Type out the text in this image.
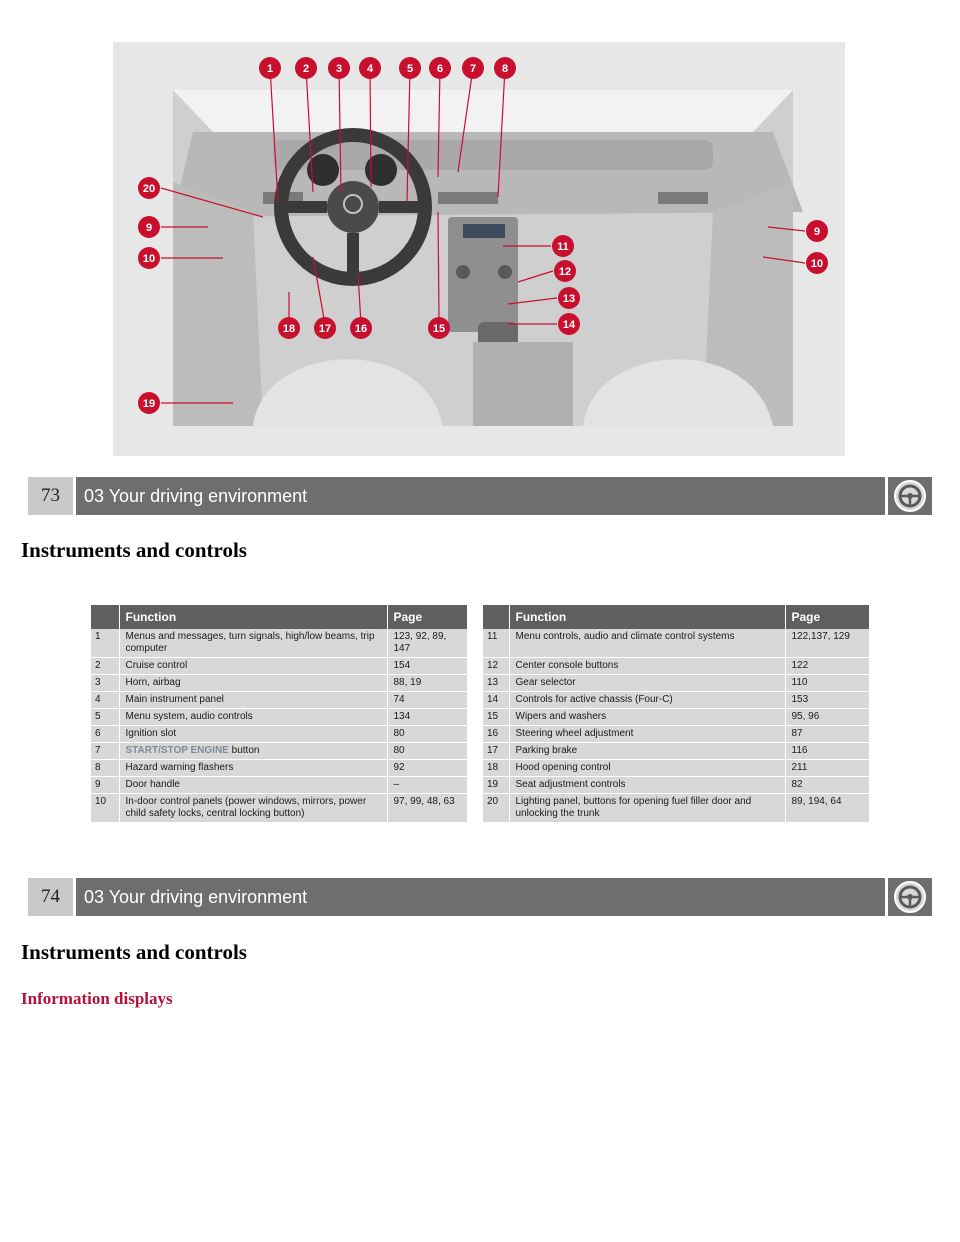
1	2 3 4	5 6 7 8
20
9
10
11
12
13
14
15
16
17
18
19
9
10
73	03 Your driving environment
Instruments and controls
	Function	Page			Function	Page
1	Menus and messages, turn signals, high/low beams, trip computer	123, 92, 89, 147		11	Menu controls, audio and climate control systems	122,137, 129
2	Cruise control	154		12	Center console buttons	122
3	Horn, airbag	88, 19		13	Gear selector	110
4	Main instrument panel	74		14	Controls for active chassis (Four-C)	153
5	Menu system, audio controls	134		15	Wipers and washers	95, 96
6	Ignition slot	80		16	Steering wheel adjustment	87
7	START/STOP ENGINE button	80		17	Parking brake	116
8	Hazard warning flashers	92		18	Hood opening control	211
9	Door handle	–		19	Seat adjustment controls	82
10	In-door control panels (power windows, mirrors, power child safety locks, central locking button)	97, 99, 48, 63		20	Lighting panel, buttons for opening fuel filler door and unlocking the trunk	89, 194, 64
74	03 Your driving environment
Instruments and controls
Information displays
